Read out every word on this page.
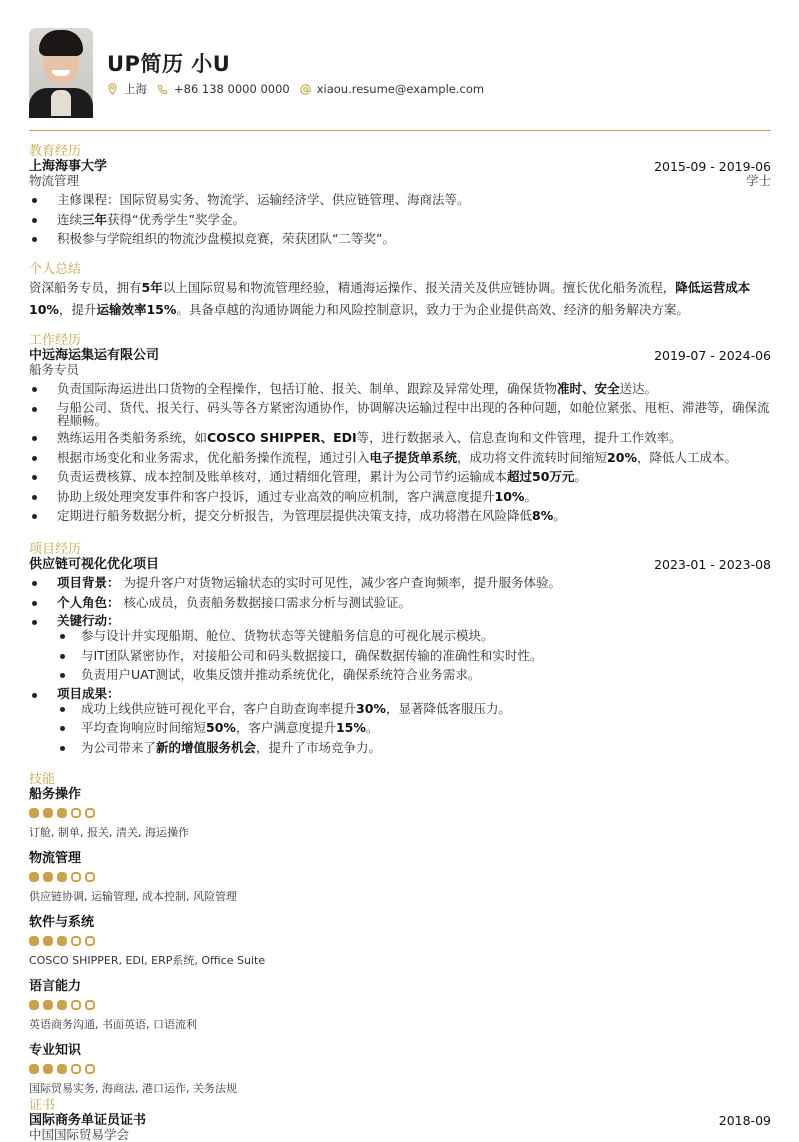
UP简历 小U
上海 +86 138 0000 0000 xiaou.resume@example.com
教育经历
上海海事大学	2015-09 - 2019-06
物流管理	学士
主修课程：国际贸易实务、物流学、运输经济学、供应链管理、海商法等。
连续三年获得“优秀学生”奖学金。
积极参与学院组织的物流沙盘模拟竞赛，荣获团队“二等奖”。
个人总结
资深船务专员，拥有5年以上国际贸易和物流管理经验，精通海运操作、报关清关及供应链协调。擅长优化船务流程，降低运营成本10%，提升运输效率15%。具备卓越的沟通协调能力和风险控制意识，致力于为企业提供高效、经济的船务解决方案。
工作经历
中远海运集运有限公司	2019-07 - 2024-06
船务专员
负责国际海运进出口货物的全程操作，包括订舱、报关、制单、跟踪及异常处理，确保货物准时、安全送达。
与船公司、货代、报关行、码头等各方紧密沟通协作，协调解决运输过程中出现的各种问题，如舱位紧张、甩柜、滞港等，确保流程顺畅。
熟练运用各类船务系统，如COSCO SHIPPER、EDI等，进行数据录入、信息查询和文件管理，提升工作效率。
根据市场变化和业务需求，优化船务操作流程，通过引入电子提货单系统，成功将文件流转时间缩短20%，降低人工成本。
负责运费核算、成本控制及账单核对，通过精细化管理，累计为公司节约运输成本超过50万元。
协助上级处理突发事件和客户投诉，通过专业高效的响应机制，客户满意度提升10%。
定期进行船务数据分析，提交分析报告，为管理层提供决策支持，成功将潜在风险降低8%。
项目经历
供应链可视化优化项目	2023-01 - 2023-08
项目背景： 为提升客户对货物运输状态的实时可见性，减少客户查询频率，提升服务体验。
个人角色： 核心成员，负责船务数据接口需求分析与测试验证。
关键行动：
参与设计并实现船期、舱位、货物状态等关键船务信息的可视化展示模块。
与IT团队紧密协作，对接船公司和码头数据接口，确保数据传输的准确性和实时性。
负责用户UAT测试，收集反馈并推动系统优化，确保系统符合业务需求。
项目成果：
成功上线供应链可视化平台，客户自助查询率提升30%，显著降低客服压力。
平均查询响应时间缩短50%，客户满意度提升15%。
为公司带来了新的增值服务机会，提升了市场竞争力。
技能
船务操作
订舱, 制单, 报关, 清关, 海运操作
物流管理
供应链协调, 运输管理, 成本控制, 风险管理
软件与系统
COSCO SHIPPER, EDI, ERP系统, Office Suite
语言能力
英语商务沟通, 书面英语, 口语流利
专业知识
国际贸易实务, 海商法, 港口运作, 关务法规
证书
国际商务单证员证书	2018-09
中国国际贸易学会
